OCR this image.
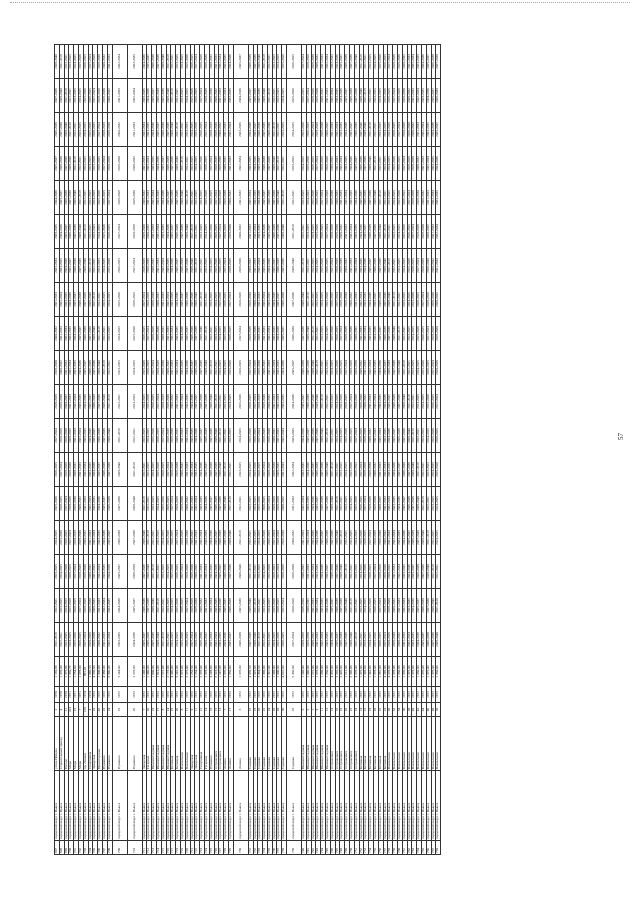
697	городской округ г. Выкса	улица Победы	2	1970	1 165,99	2011-2019	2012-2021	2013-2025	2014-2025	2015-2026	2016-2025	2017-2024	2018-2029	2019-2030	2020-2032	2021-2033	2022-2034	2023-2035	2024-2036	2025-2037	2026-2038	2027-2039	2028-2040
698	городской округ г. Выкса	Строительный проезд	4	1970	1 370,00	2012-2021	2013-2025	2014-2025	2015-2026	2016-2025	2017-2024	2018-2029	2019-2030	2020-2032	2021-2033	2022-2034	2023-2035	2024-2036	2025-2037	2026-2038	2027-2039	2028-2040	2011-2019
699	городской округ г. Выкса	Гоголя	21	1970	1 375,00	2013-2025	2014-2025	2015-2026	2016-2025	2017-2024	2018-2029	2019-2030	2020-2032	2021-2033	2022-2034	2023-2035	2024-2036	2025-2037	2026-2038	2027-2039	2028-2040	2011-2019	2012-2021
700	городской округ г. Выкса	Мира	223	1971	1 359,79	2014-2025	2015-2026	2016-2025	2017-2024	2018-2029	2019-2030	2020-2032	2021-2033	2022-2034	2023-2035	2024-2036	2025-2037	2026-2038	2027-2039	2028-2040	2011-2019	2012-2021	2013-2025
701	городской округ г. Выкса	Мира	22	1971	1 254,00	2015-2026	2016-2025	2017-2024	2018-2029	2019-2030	2020-2032	2021-2033	2022-2034	2023-2035	2024-2036	2025-2037	2026-2038	2027-2039	2028-2040	2011-2019	2012-2021	2013-2025	2014-2025
702	городской округ г. Выкса	Мира	7	1971	1 378,00	2016-2025	2017-2024	2018-2029	2019-2030	2020-2032	2021-2033	2022-2034	2023-2035	2024-2036	2025-2037	2026-2038	2027-2039	2028-2040	2011-2019	2012-2021	2013-2025	2014-2025	2015-2026
703	городской округ г. Выкса	пр. Ленина	165	1974	895,20	2017-2024	2018-2029	2019-2030	2020-2032	2021-2033	2022-2034	2023-2035	2024-2036	2025-2037	2026-2038	2027-2039	2028-2040	2011-2019	2012-2021	2013-2025	2014-2025	2015-2026	2016-2025
704	городской округ г. Выкса	Спортивная	4	1974	1 396,50	2018-2029	2019-2030	2020-2032	2021-2033	2022-2034	2023-2035	2024-2036	2025-2037	2026-2038	2027-2039	2028-2040	2011-2019	2012-2021	2013-2025	2014-2025	2015-2026	2016-2025	2017-2024
705	городской округ г. Выкса	Заводская	10	1972	4 239,00	2019-2030	2020-2032	2021-2033	2022-2034	2023-2035	2024-2036	2025-2037	2026-2038	2027-2039	2028-2040	2011-2019	2012-2021	2013-2025	2014-2025	2015-2026	2016-2025	2017-2024	2018-2029
706	городской округ г. Выкса	Пролетарская	42	1972	1 300,00	2020-2032	2021-2033	2022-2034	2023-2035	2024-2036	2025-2037	2026-2038	2027-2039	2028-2040	2011-2019	2012-2021	2013-2025	2014-2025	2015-2026	2016-2025	2017-2024	2018-2029	2019-2030
707	городской округ г. Выкса	Пушкина	22	1972	4 388,00	2021-2033	2022-2034	2023-2035	2024-2036	2025-2037	2026-2038	2027-2039	2028-2040	2011-2019	2012-2021	2013-2025	2014-2025	2015-2026	2016-2025	2017-2024	2018-2029	2019-2030	2020-2032
708	городской округ г. Выкса	Пушкина	24	1972	3 396,00	2022-2034	2023-2035	2024-2036	2025-2037	2026-2038	2027-2039	2028-2040	2011-2019	2012-2021	2013-2025	2014-2025	2015-2026	2016-2025	2017-2024	2018-2029	2019-2030	2020-2032	2021-2033
709	городской округ г. Выкса	Пушкина	25	1972	5 244,00	2023-2035	2024-2036	2025-2037	2026-2038	2027-2039	2028-2040	2011-2019	2012-2021	2013-2025	2014-2025	2015-2026	2016-2025	2017-2024	2018-2029	2019-2030	2020-2032	2021-2033	2022-2034
710	городской округ г. Выкса	Пушкина	26	1972	2 278,00	2024-2036	2025-2037	2026-2038	2027-2039	2028-2040	2011-2019	2012-2021	2013-2025	2014-2025	2015-2026	2016-2025	2017-2024	2018-2029	2019-2030	2020-2032	2021-2033	2022-2034	2023-2035
711	городской округ г. Выкса	Заводская	7	1972	1 248,00	2025-2037	2026-2038	2027-2039	2028-2040	2011-2019	2012-2021	2013-2025	2014-2025	2015-2026	2016-2025	2017-2024	2018-2029	2019-2030	2020-2032	2021-2033	2022-2034	2023-2035	2024-2036
712	городской округ г. Выкса	Гагарина	20	1972	1 340,00	2026-2038	2027-2039	2028-2040	2011-2019	2012-2021	2013-2025	2014-2025	2015-2026	2016-2025	2017-2024	2018-2029	2019-2030	2020-2032	2021-2033	2022-2034	2023-2035	2024-2036	2025-2037
713	городской округ г. Выкса	Нижняя Садовая	18	1972	1 800,00	2027-2039	2028-2040	2011-2019	2012-2021	2013-2025	2014-2025	2015-2026	2016-2025	2017-2024	2018-2029	2019-2030	2020-2032	2021-2033	2022-2034	2023-2035	2024-2036	2025-2037	2026-2038
714	городской округ г. Выкса	Нижняя Садовая	15	1972	1 813,00	2028-2040	2011-2019	2012-2021	2013-2025	2014-2025	2015-2026	2016-2025	2017-2024	2018-2029	2019-2030	2020-2032	2021-2033	2022-2034	2023-2035	2024-2036	2025-2037	2026-2038	2027-2039
715	городской округ г. Выкса	Нижняя Садовая	8	1972	1 572,00	2011-2019	2012-2021	2013-2025	2014-2025	2015-2026	2016-2025	2017-2024	2018-2029	2019-2030	2020-2032	2021-2033	2022-2034	2023-2035	2024-2036	2025-2037	2026-2038	2027-2039	2028-2040
716	городской округ г. Выкса	Нижняя Садовая	14	1972	2 173,00	2012-2021	2013-2025	2014-2025	2015-2026	2016-2025	2017-2024	2018-2029	2019-2030	2020-2032	2021-2033	2022-2034	2023-2035	2024-2036	2025-2037	2026-2038	2027-2039	2028-2040	2011-2019
717	городской округ г. Выкса	Бетонная	25	1972	4 346,00	2013-2025	2014-2025	2015-2026	2016-2025	2017-2024	2018-2029	2019-2030	2020-2032	2021-2033	2022-2034	2023-2035	2024-2036	2025-2037	2026-2038	2027-2039	2028-2040	2011-2019	2012-2021
718	городской округ г. Выкса	Бетонная	26	1972	5 242,00	2014-2025	2015-2026	2016-2025	2017-2024	2018-2029	2019-2030	2020-2032	2021-2033	2022-2034	2023-2035	2024-2036	2025-2037	2026-2038	2027-2039	2028-2040	2011-2019	2012-2021	2013-2025
719	городской округ г. Выкса	Вокзальная	8	1972	2 375,00	2015-2026	2016-2025	2017-2024	2018-2029	2019-2030	2020-2032	2021-2033	2022-2034	2023-2035	2024-2036	2025-2037	2026-2038	2027-2039	2028-2040	2011-2019	2012-2021	2013-2025	2014-2025
720	городской округ г. Выкса	Вокзальная	11	1972	2 375,00	2016-2025	2017-2024	2018-2029	2019-2030	2020-2032	2021-2033	2022-2034	2023-2035	2024-2036	2025-2037	2026-2038	2027-2039	2028-2040	2011-2019	2012-2021	2013-2025	2014-2025	2015-2026
721	городской округ г. Выкса	Заводская	9	1972	1 253,50	2017-2024	2018-2029	2019-2030	2020-2032	2021-2033	2022-2034	2023-2035	2024-2036	2025-2037	2026-2038	2027-2039	2028-2040	2011-2019	2012-2021	2013-2025	2014-2025	2015-2026	2016-2025
722	городской округ г. Выкса	Заводская	11	1972	2 254,00	2018-2029	2019-2030	2020-2032	2021-2033	2022-2034	2023-2035	2024-2036	2025-2037	2026-2038	2027-2039	2028-2040	2011-2019	2012-2021	2013-2025	2014-2025	2015-2026	2016-2025	2017-2024
723	городской округ г. Выкса	Спортивная	12	1972	2 378,00	2019-2030	2020-2032	2021-2033	2022-2034	2023-2035	2024-2036	2025-2037	2026-2038	2027-2039	2028-2040	2011-2019	2012-2021	2013-2025	2014-2025	2015-2026	2016-2025	2017-2024	2018-2029
724	городской округ г. Выкса	Гагарина	14	1972	1 378,00	2020-2032	2021-2033	2022-2034	2023-2035	2024-2036	2025-2037	2026-2038	2027-2039	2028-2040	2011-2019	2012-2021	2013-2025	2014-2025	2015-2026	2016-2025	2017-2024	2018-2029	2019-2030
725	городской округ г. Выкса	Пушкина	19	1972	4 248,00	2021-2033	2022-2034	2023-2035	2024-2036	2025-2037	2026-2038	2027-2039	2028-2040	2011-2019	2012-2021	2013-2025	2014-2025	2015-2026	2016-2025	2017-2024	2018-2029	2019-2030	2020-2032
726	городской округ г. Выкса	Островского	15	1972	3 318,00	2022-2034	2023-2035	2024-2036	2025-2037	2026-2038	2027-2039	2028-2040	2011-2019	2012-2021	2013-2025	2014-2025	2015-2026	2016-2025	2017-2024	2018-2029	2019-2030	2020-2032	2021-2033
727	городской округ г. Выкса	Островского	13	1972	1 247,00	2023-2035	2024-2036	2025-2037	2026-2038	2027-2039	2028-2040	2011-2019	2012-2021	2013-2025	2014-2025	2015-2026	2016-2025	2017-2024	2018-2029	2019-2030	2020-2032	2021-2033	2022-2034
728	городской округ г. Выкса	Ленина	7	1972	2 370,00	2024-2036	2025-2037	2026-2038	2027-2039	2028-2040	2011-2019	2012-2021	2013-2025	2014-2025	2015-2026	2016-2025	2017-2024	2018-2029	2019-2030	2020-2032	2021-2033	2022-2034	2023-2035
729	городской округ г. Выкса	Ленина	17	1972	1 350,00	2025-2037	2026-2038	2027-2039	2028-2040	2011-2019	2012-2021	2013-2025	2014-2025	2015-2026	2016-2025	2017-2024	2018-2029	2019-2030	2020-2032	2021-2033	2022-2034	2023-2035	2024-2036
730	городской округ г. Выкса	Ленина	3	1972	1 378,00	2026-2038	2027-2039	2028-2040	2011-2019	2012-2021	2013-2025	2014-2025	2015-2026	2016-2025	2017-2024	2018-2029	2019-2030	2020-2032	2021-2033	2022-2034	2023-2035	2024-2036	2025-2037
731	городской округ г. Выкса	Садовая	16	1972	4 339,50	2027-2039	2028-2040	2011-2019	2012-2021	2013-2025	2014-2025	2015-2026	2016-2025	2017-2024	2018-2029	2019-2030	2020-2032	2021-2033	2022-2034	2023-2035	2024-2036	2025-2037	2026-2038
732	городской округ г. Выкса	Садовая	18	1972	1 325,00	2028-2040	2011-2019	2012-2021	2013-2025	2014-2025	2015-2026	2016-2025	2017-2024	2018-2029	2019-2030	2020-2032	2021-2033	2022-2034	2023-2035	2024-2036	2025-2037	2026-2038	2027-2039
733	городской округ г. Выкса	Садовая	20	1972	3 394,50	2011-2019	2012-2021	2013-2025	2014-2025	2015-2026	2016-2025	2017-2024	2018-2029	2019-2030	2020-2032	2021-2033	2022-2034	2023-2035	2024-2036	2025-2037	2026-2038	2027-2039	2028-2040
734	городской округ г. Выкса	Садовая	22	1972	1 390,00	2012-2021	2013-2025	2014-2025	2015-2026	2016-2025	2017-2024	2018-2029	2019-2030	2020-2032	2021-2033	2022-2034	2023-2035	2024-2036	2025-2037	2026-2038	2027-2039	2028-2040	2011-2019
735	городской округ г. Выкса	Садовая	24	1972	2 391,00	2013-2025	2014-2025	2015-2026	2016-2025	2017-2024	2018-2029	2019-2030	2020-2032	2021-2033	2022-2034	2023-2035	2024-2036	2025-2037	2026-2038	2027-2039	2028-2040	2011-2019	2012-2021
736	городской округ г. Выкса	Садовая	26	1972	1 248,00	2014-2025	2015-2026	2016-2025	2017-2024	2018-2029	2019-2030	2020-2032	2021-2033	2022-2034	2023-2035	2024-2036	2025-2037	2026-2038	2027-2039	2028-2040	2011-2019	2012-2021	2013-2025
737	городской округ г. Выкса	Садовая	28	1972	1 300,00	2015-2026	2016-2025	2017-2024	2018-2029	2019-2030	2020-2032	2021-2033	2022-2034	2023-2035	2024-2036	2025-2037	2026-2038	2027-2039	2028-2040	2011-2019	2012-2021	2013-2025	2014-2025
738	городской округ г. Выкса	Садовая	30	1972	4 616,00	2016-2025	2017-2024	2018-2029	2019-2030	2020-2032	2021-2033	2022-2034	2023-2035	2024-2036	2025-2037	2026-2038	2027-2039	2028-2040	2011-2019	2012-2021	2013-2025	2014-2025	2015-2026
739	городской округ г. Выкса	Садовая	32	1972	5 456,00	2017-2024	2018-2029	2019-2030	2020-2032	2021-2033	2022-2034	2023-2035	2024-2036	2025-2037	2026-2038	2027-2039	2028-2040	2011-2019	2012-2021	2013-2025	2014-2025	2015-2026	2016-2025
740	городской округ г. Выкса	Нижняя Садовая	3	1972	1 248,00	2018-2029	2019-2030	2020-2032	2021-2033	2022-2034	2023-2035	2024-2036	2025-2037	2026-2038	2027-2039	2028-2040	2011-2019	2012-2021	2013-2025	2014-2025	2015-2026	2016-2025	2017-2024
741	городской округ г. Выкса	Нижняя Садовая	5	1972	1 340,00	2019-2030	2020-2032	2021-2033	2022-2034	2023-2035	2024-2036	2025-2037	2026-2038	2027-2039	2028-2040	2011-2019	2012-2021	2013-2025	2014-2025	2015-2026	2016-2025	2017-2024	2018-2029
742	городской округ г. Выкса	Нижняя Садовая	7	1972	1 272,00	2020-2032	2021-2033	2022-2034	2023-2035	2024-2036	2025-2037	2026-2038	2027-2039	2028-2040	2011-2019	2012-2021	2013-2025	2014-2025	2015-2026	2016-2025	2017-2024	2018-2029	2019-2030
743	городской округ г. Выкса	Нижняя Садовая	9	1972	1 378,00	2021-2033	2022-2034	2023-2035	2024-2036	2025-2037	2026-2038	2027-2039	2028-2040	2011-2019	2012-2021	2013-2025	2014-2025	2015-2026	2016-2025	2017-2024	2018-2029	2019-2030	2020-2032
744	городской округ г. Выкса	Нижняя Садовая	11	1972	1 290,00	2022-2034	2023-2035	2024-2036	2025-2037	2026-2038	2027-2039	2028-2040	2011-2019	2012-2021	2013-2025	2014-2025	2015-2026	2016-2025	2017-2024	2018-2029	2019-2030	2020-2032	2021-2033
745	городской округ г. Выкса	Нижняя Садовая	13	1972	1 350,00	2023-2035	2024-2036	2025-2037	2026-2038	2027-2039	2028-2040	2011-2019	2012-2021	2013-2025	2014-2025	2015-2026	2016-2025	2017-2024	2018-2029	2019-2030	2020-2032	2021-2033	2022-2034
746	городской округ г. Выкса	Островского	14	1972	4 332,00	2024-2036	2025-2037	2026-2038	2027-2039	2028-2040	2011-2019	2012-2021	2013-2025	2014-2025	2015-2026	2016-2025	2017-2024	2018-2029	2019-2030	2020-2032	2021-2033	2022-2034	2023-2035
747	городской округ г. Выкса	Островского	16	1972	2 265,00	2025-2037	2026-2038	2027-2039	2028-2040	2011-2019	2012-2021	2013-2025	2014-2025	2015-2026	2016-2025	2017-2024	2018-2029	2019-2030	2020-2032	2021-2033	2022-2034	2023-2035	2024-2036
748	городской округ г. Выкса	Островского	18	1972	2 420,00	2026-2038	2027-2039	2028-2040	2011-2019	2012-2021	2013-2025	2014-2025	2015-2026	2016-2025	2017-2024	2018-2029	2019-2030	2020-2032	2021-2033	2022-2034	2023-2035	2024-2036	2025-2037
749	городской округ г. Выкса	Островского	20	1972	1 212,00	2027-2039	2028-2040	2011-2019	2012-2021	2013-2025	2014-2025	2015-2026	2016-2025	2017-2024	2018-2029	2019-2030	2020-2032	2021-2033	2022-2034	2023-2035	2024-2036	2025-2037	2026-2038
750	городской округ г. Выкса	Островского	22	1972	2 396,00	2028-2040	2011-2019	2012-2021	2013-2025	2014-2025	2015-2026	2016-2025	2017-2024	2018-2029	2019-2030	2020-2032	2021-2033	2022-2034	2023-2035	2024-2036	2025-2037	2026-2038	2027-2039
751	городской округ г. Выкса	Островского	24	1972	4 378,00	2011-2019	2012-2021	2013-2025	2014-2025	2015-2026	2016-2025	2017-2024	2018-2029	2019-2030	2020-2032	2021-2033	2022-2034	2023-2035	2024-2036	2025-2037	2026-2038	2027-2039	2028-2040
752	городской округ г. Выкса	Бетонная	14	1972	1 375,00	2012-2021	2013-2025	2014-2025	2015-2026	2016-2025	2017-2024	2018-2029	2019-2030	2020-2032	2021-2033	2022-2034	2023-2035	2024-2036	2025-2037	2026-2038	2027-2039	2028-2040	2011-2019
753	городской округ г. Выкса	Бетонная	16	1972	1 348,00	2013-2025	2014-2025	2015-2026	2016-2025	2017-2024	2018-2029	2019-2030	2020-2032	2021-2033	2022-2034	2023-2035	2024-2036	2025-2037	2026-2038	2027-2039	2028-2040	2011-2019	2012-2021
754	городской округ г. Выкса	Бетонная	18	1972	1 342,00	2014-2025	2015-2026	2016-2025	2017-2024	2018-2029	2019-2030	2020-2032	2021-2033	2022-2034	2023-2035	2024-2036	2025-2037	2026-2038	2027-2039	2028-2040	2011-2019	2012-2021	2013-2025
755	городской округ г. Выкса	Бетонная	20	1972	1 378,00	2015-2026	2016-2025	2017-2024	2018-2029	2019-2030	2020-2032	2021-2033	2022-2034	2023-2035	2024-2036	2025-2037	2026-2038	2027-2039	2028-2040	2011-2019	2012-2021	2013-2025	2014-2025
756	городской округ г. Выкса	Бетонная	22	1972	1 381,00	2016-2025	2017-2024	2018-2029	2019-2030	2020-2032	2021-2033	2022-2034	2023-2035	2024-2036	2025-2037	2026-2038	2027-2039	2028-2040	2011-2019	2012-2021	2013-2025	2014-2025	2015-2026
757	городской округ г. Выкса	Бетонная	24	1972	4 249,00	2017-2024	2018-2029	2019-2030	2020-2032	2021-2033	2022-2034	2023-2035	2024-2036	2025-2037	2026-2038	2027-2039	2028-2040	2011-2019	2012-2021	2013-2025	2014-2025	2015-2026	2016-2025
758	городской округ г. Выкса	Вокзальная	30	1972	4 378,00	2018-2029	2019-2030	2020-2032	2021-2033	2022-2034	2023-2035	2024-2036	2025-2037	2026-2038	2027-2039	2028-2040	2011-2019	2012-2021	2013-2025	2014-2025	2015-2026	2016-2025	2017-2024
759	городской округ г. Выкса	Вокзальная	32	1972	2 378,00	2019-2030	2020-2032	2021-2033	2022-2034	2023-2035	2024-2036	2025-2037	2026-2038	2027-2039	2028-2040	2011-2019	2012-2021	2013-2025	2014-2025	2015-2026	2016-2025	2017-2024	2018-2029
760	городской округ г. Выкса	Вокзальная	34	1972	1 350,00	2020-2032	2021-2033	2022-2034	2023-2035	2024-2036	2025-2037	2026-2038	2027-2039	2028-2040	2011-2019	2012-2021	2013-2025	2014-2025	2015-2026	2016-2025	2017-2024	2018-2029	2019-2030
761	городской округ г. Выкса	Вокзальная	36	1972	1 370,00	2021-2033	2022-2034	2023-2035	2024-2036	2025-2037	2026-2038	2027-2039	2028-2040	2011-2019	2012-2021	2013-2025	2014-2025	2015-2026	2016-2025	2017-2024	2018-2029	2019-2030	2020-2032
762	городской округ г. Выкса	Вокзальная	38	1972	1 375,00	2022-2034	2023-2035	2024-2036	2025-2037	2026-2038	2027-2039	2028-2040	2011-2019	2012-2021	2013-2025	2014-2025	2015-2026	2016-2025	2017-2024	2018-2029	2019-2030	2020-2032	2021-2033
763	городской округ г. Выкса	Вокзальная	40	1972	2 378,00	2023-2035	2024-2036	2025-2037	2026-2038	2027-2039	2028-2040	2011-2019	2012-2021	2013-2025	2014-2025	2015-2026	2016-2025	2017-2024	2018-2029	2019-2030	2020-2032	2021-2033	2022-2034
764	городской округ г. Выкса	Вокзальная	42	1972	1 350,00	2024-2036	2025-2037	2026-2038	2027-2039	2028-2040	2011-2019	2012-2021	2013-2025	2014-2025	2015-2026	2016-2025	2017-2024	2018-2029	2019-2030	2020-2032	2021-2033	2022-2034	2023-2035
765	городской округ г. Выкса	Вокзальная	44	1972	1 370,00	2025-2037	2026-2038	2027-2039	2028-2040	2011-2019	2012-2021	2013-2025	2014-2025	2015-2026	2016-2025	2017-2024	2018-2029	2019-2030	2020-2032	2021-2033	2022-2034	2023-2035	2024-2036
766	городской округ г. Выкса	Вокзальная	46	1972	1 375,00	2026-2038	2027-2039	2028-2040	2011-2019	2012-2021	2013-2025	2014-2025	2015-2026	2016-2025	2017-2024	2018-2029	2019-2030	2020-2032	2021-2033	2022-2034	2023-2035	2024-2036	2025-2037
767	городской округ г. Выкса	Вокзальная	48	1972	2 378,00	2027-2039	2028-2040	2011-2019	2012-2021	2013-2025	2014-2025	2015-2026	2016-2025	2017-2024	2018-2029	2019-2030	2020-2032	2021-2033	2022-2034	2023-2035	2024-2036	2025-2037	2026-2038
768	городской округ г. Выкса	Вокзальная	50	1972	1 350,00	2028-2040	2011-2019	2012-2021	2013-2025	2014-2025	2015-2026	2016-2025	2017-2024	2018-2029	2019-2030	2020-2032	2021-2033	2022-2034	2023-2035	2024-2036	2025-2037	2026-2038	2027-2039
57
